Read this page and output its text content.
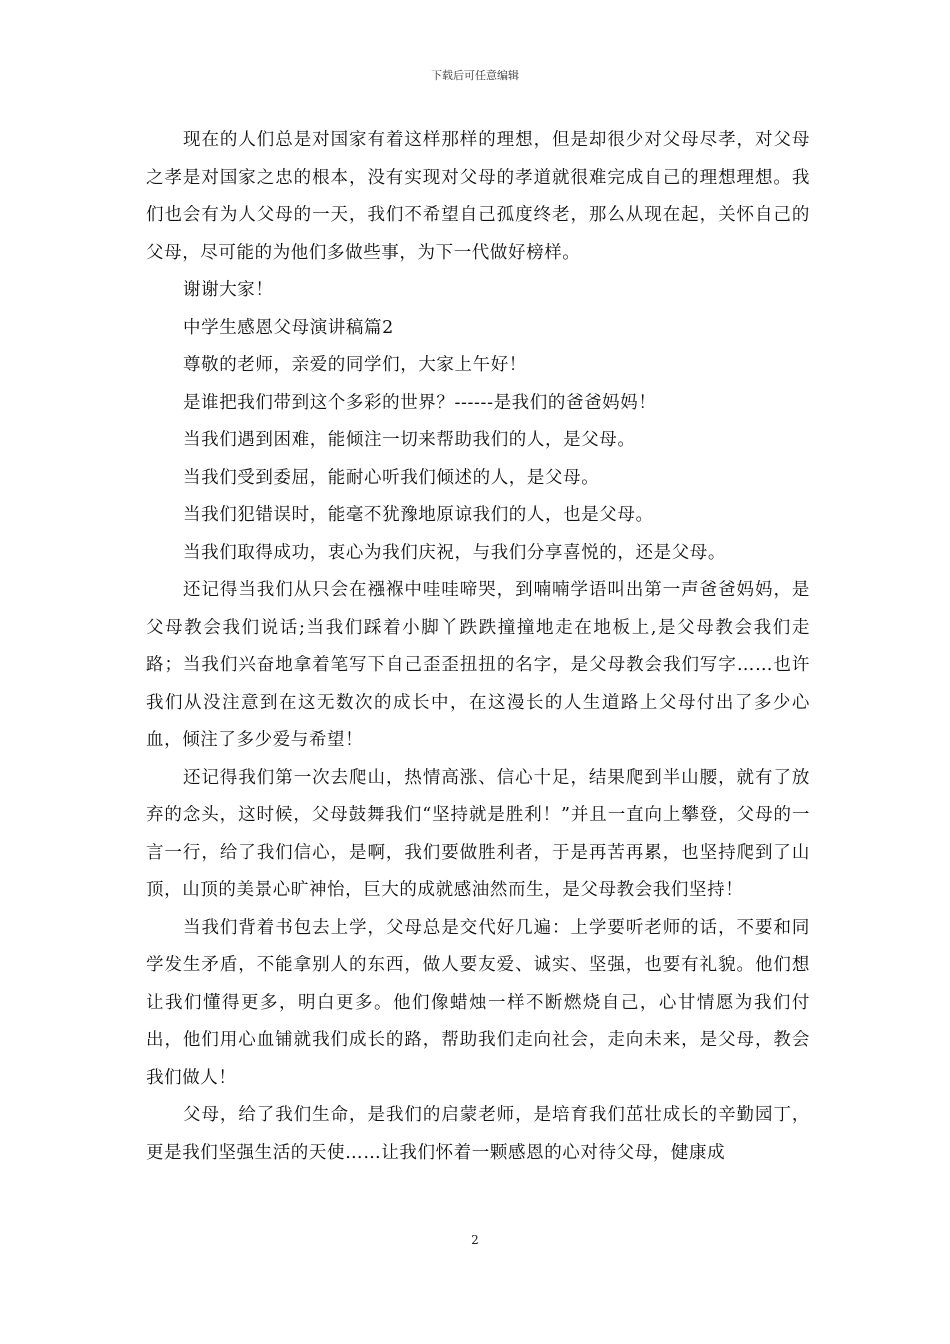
下载后可任意编辑

现在的人们总是对国家有着这样那样的理想，但是却很少对父母尽孝，对父母之孝是对国家之忠的根本，没有实现对父母的孝道就很难完成自己的理想理想。我们也会有为人父母的一天，我们不希望自己孤度终老，那么从现在起，关怀自己的父母，尽可能的为他们多做些事，为下一代做好榜样。

谢谢大家！

中学生感恩父母演讲稿篇2

尊敬的老师，亲爱的同学们，大家上午好！

是谁把我们带到这个多彩的世界？------是我们的爸爸妈妈！

当我们遇到困难，能倾注一切来帮助我们的人，是父母。

当我们受到委屈，能耐心听我们倾述的人，是父母。

当我们犯错误时，能毫不犹豫地原谅我们的人，也是父母。

当我们取得成功，衷心为我们庆祝，与我们分享喜悦的，还是父母。

还记得当我们从只会在襁褓中哇哇啼哭，到喃喃学语叫出第一声爸爸妈妈，是父母教会我们说话;当我们踩着小脚丫跌跌撞撞地走在地板上,是父母教会我们走路；当我们兴奋地拿着笔写下自己歪歪扭扭的名字，是父母教会我们写字……也许我们从没注意到在这无数次的成长中，在这漫长的人生道路上父母付出了多少心血，倾注了多少爱与希望！

还记得我们第一次去爬山，热情高涨、信心十足，结果爬到半山腰，就有了放弃的念头，这时候，父母鼓舞我们“坚持就是胜利！”并且一直向上攀登，父母的一言一行，给了我们信心，是啊，我们要做胜利者，于是再苦再累，也坚持爬到了山顶，山顶的美景心旷神怡，巨大的成就感油然而生，是父母教会我们坚持！

当我们背着书包去上学，父母总是交代好几遍：上学要听老师的话，不要和同学发生矛盾，不能拿别人的东西，做人要友爱、诚实、坚强，也要有礼貌。他们想让我们懂得更多，明白更多。他们像蜡烛一样不断燃烧自己，心甘情愿为我们付出，他们用心血铺就我们成长的路，帮助我们走向社会，走向未来，是父母，教会我们做人！

父母，给了我们生命，是我们的启蒙老师，是培育我们茁壮成长的辛勤园丁，更是我们坚强生活的天使……让我们怀着一颗感恩的心对待父母，健康成

2
